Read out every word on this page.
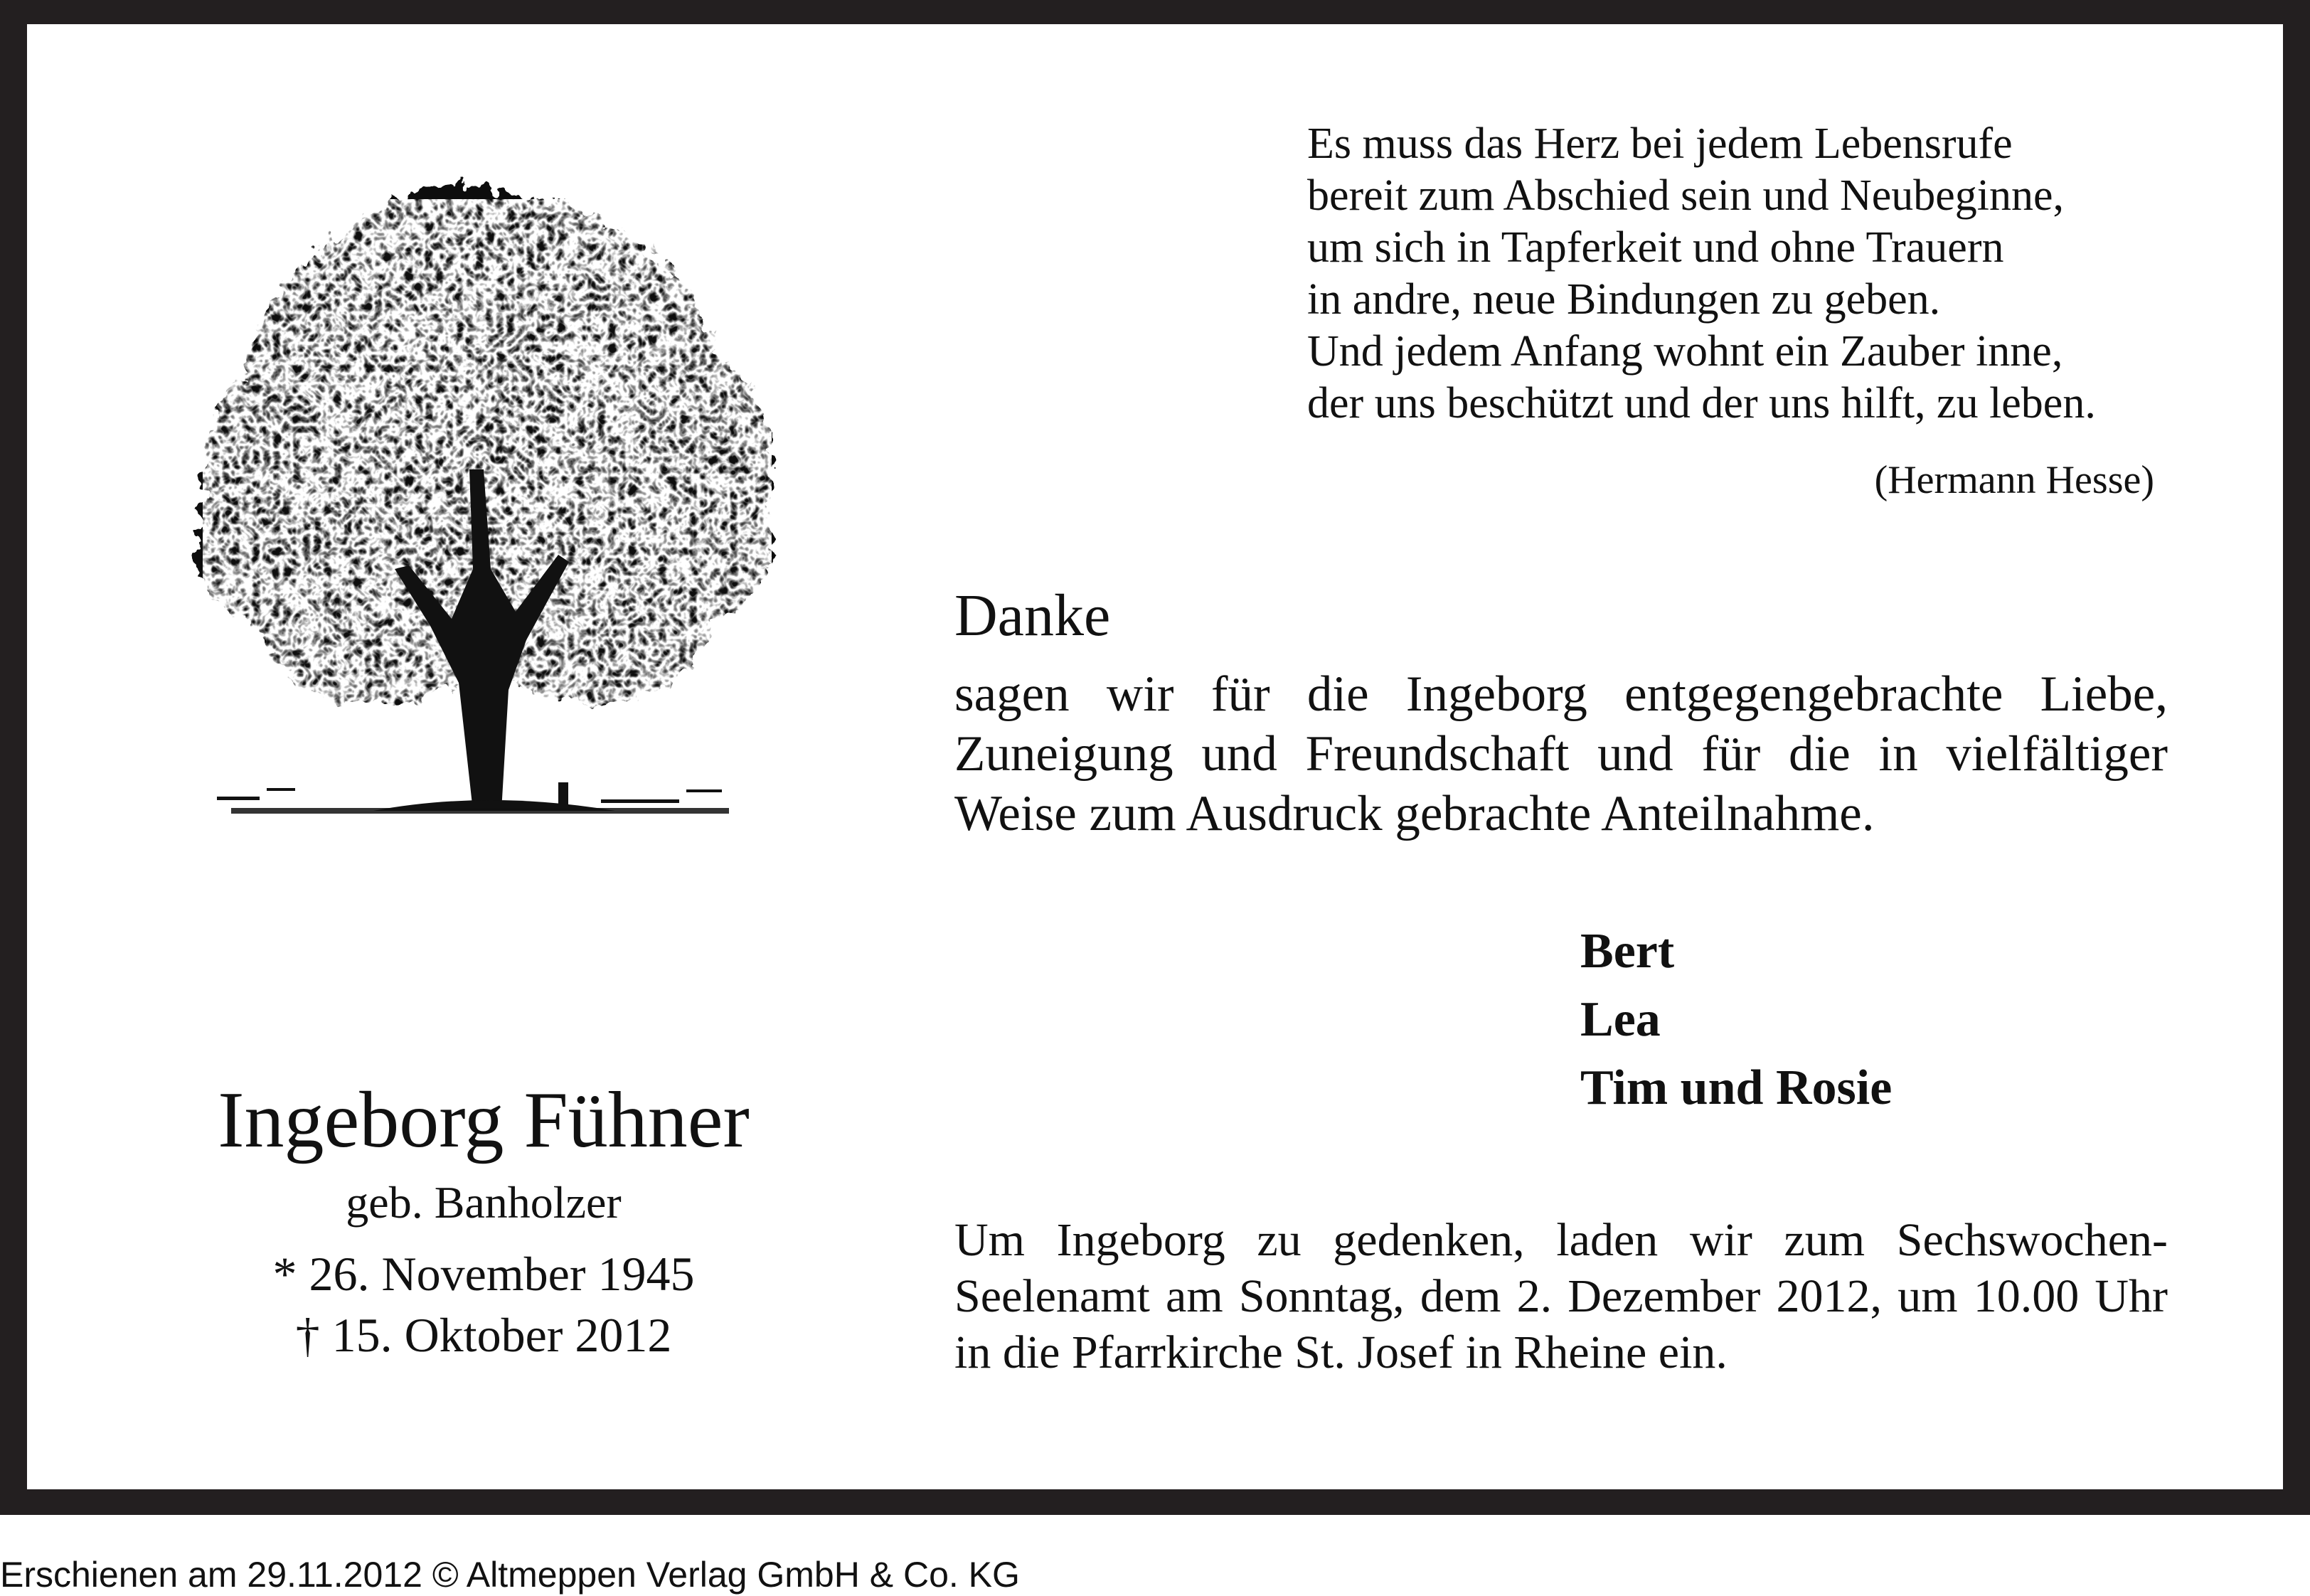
Es muss das Herz bei jedem Lebensrufe
bereit zum Abschied sein und Neubeginne,
um sich in Tapferkeit und ohne Trauern
in andre, neue Bindungen zu geben.
Und jedem Anfang wohnt ein Zauber inne,
der uns beschützt und der uns hilft, zu leben.
(Hermann Hesse)
Danke
sagen wir für die Ingeborg entgegengebrachte Liebe, Zuneigung und Freundschaft und für die in vielfältiger Weise zum Ausdruck gebrachte Anteilnahme.
Bert
Lea
Tim und Rosie
Ingeborg Fühner
geb. Banholzer
* 26. November 1945
† 15. Oktober 2012
Um Ingeborg zu gedenken, laden wir zum Sechswochen-Seelenamt am Sonntag, dem 2. Dezember 2012, um 10.00 Uhr in die Pfarrkirche St. Josef in Rheine ein.
Erschienen am 29.11.2012 © Altmeppen Verlag GmbH & Co. KG
